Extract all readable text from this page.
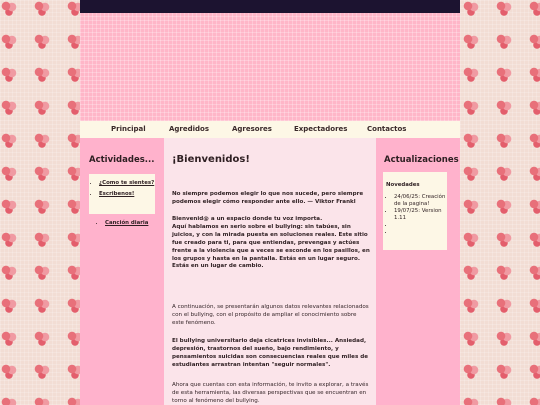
Principal	Agredidos	Agresores	Expectadores	Contactos
Actividades...
• ¿Como te sientes?
• Escribenos!
• Canción diaria
¡Bienvenidos!

No siempre podemos elegir lo que nos sucede, pero siempre podemos elegir cómo responder ante ello. — Viktor Frankl

Bienvenid@ a un espacio donde tu voz importa.
Aquí hablamos en serio sobre el bullying: sin tabúes, sin juicios, y con la mirada puesta en soluciones reales. Este sitio fue creado para ti, para que entiendas, prevengas y actúes frente a la violencia que a veces se esconde en los pasillos, en los grupos y hasta en la pantalla. Estás en un lugar seguro. Estás en un lugar de cambio.

A continuación, se presentarán algunos datos relevantes relacionados con el bullying, con el propósito de ampliar el conocimiento sobre este fenómeno.

El bullying universitario deja cicatrices invisibles... Ansiedad, depresión, trastornos del sueño, bajo rendimiento, y pensamientos suicidas son consecuencias reales que miles de estudiantes arrastran intentan "seguir normales".

Ahora que cuentas con esta información, te invito a explorar, a través de esta herramienta, las diversas perspectivas que se encuentran en torno al fenómeno del bullying.

Actualizaciones
Novedades
• 24/06/25: Creación de la pagina!
• 19/07/25: Version 1.11
•
•
